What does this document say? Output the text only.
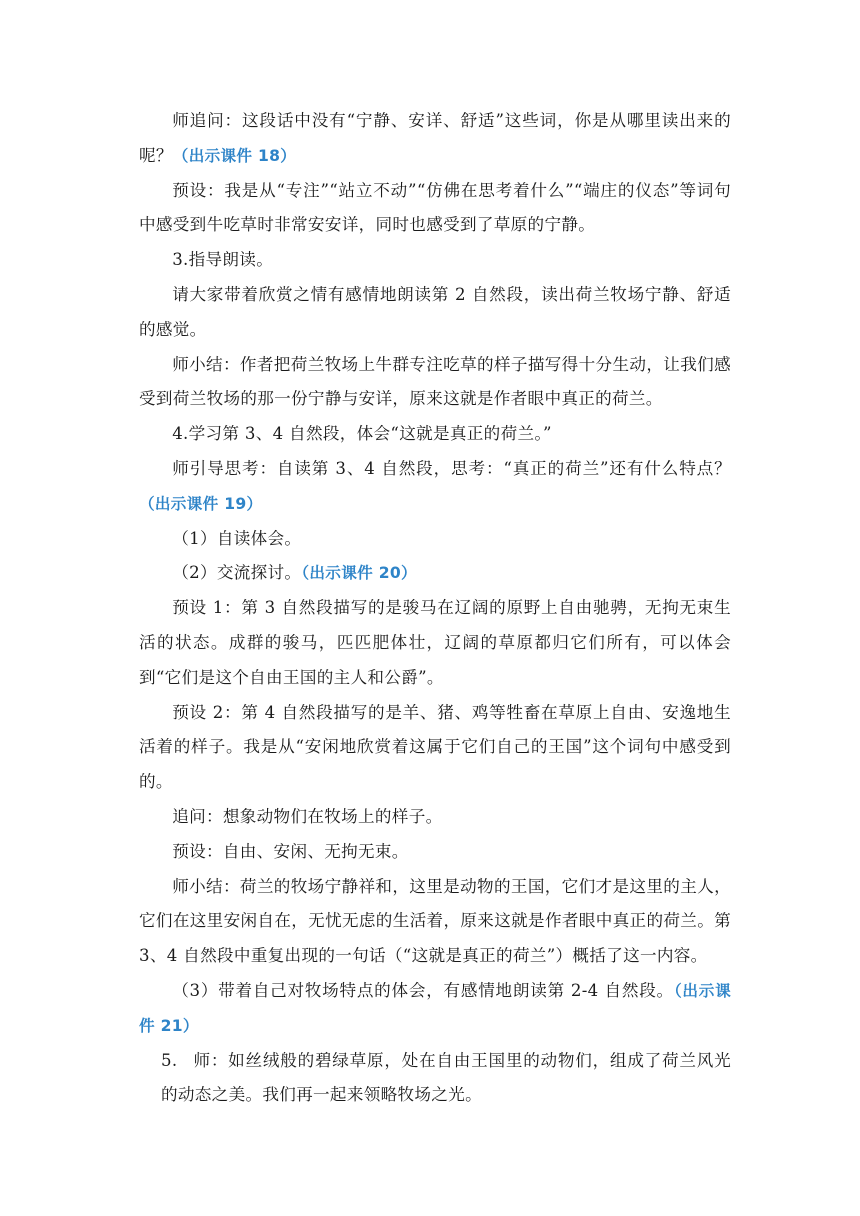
师追问：这段话中没有“宁静、安详、舒适”这些词，你是从哪里读出来的呢？（出示课件 18）

预设：我是从“专注”“站立不动”“仿佛在思考着什么”“端庄的仪态”等词句中感受到牛吃草时非常安安详，同时也感受到了草原的宁静。

3.指导朗读。

请大家带着欣赏之情有感情地朗读第 2 自然段，读出荷兰牧场宁静、舒适的感觉。

师小结：作者把荷兰牧场上牛群专注吃草的样子描写得十分生动，让我们感受到荷兰牧场的那一份宁静与安详，原来这就是作者眼中真正的荷兰。

4.学习第 3、4 自然段，体会“这就是真正的荷兰。”

师引导思考：自读第 3、4 自然段，思考：“真正的荷兰”还有什么特点？（出示课件 19）

（1）自读体会。

（2）交流探讨。（出示课件 20）

预设 1：第 3 自然段描写的是骏马在辽阔的原野上自由驰骋，无拘无束生活的状态。成群的骏马，匹匹肥体壮，辽阔的草原都归它们所有，可以体会到“它们是这个自由王国的主人和公爵”。

预设 2：第 4 自然段描写的是羊、猪、鸡等牲畜在草原上自由、安逸地生活着的样子。我是从“安闲地欣赏着这属于它们自己的王国”这个词句中感受到的。

追问：想象动物们在牧场上的样子。

预设：自由、安闲、无拘无束。

师小结：荷兰的牧场宁静祥和，这里是动物的王国，它们才是这里的主人，它们在这里安闲自在，无忧无虑的生活着，原来这就是作者眼中真正的荷兰。第 3、4 自然段中重复出现的一句话（“这就是真正的荷兰”）概括了这一内容。

（3）带着自己对牧场特点的体会，有感情地朗读第 2-4 自然段。（出示课件 21）

5. 师：如丝绒般的碧绿草原，处在自由王国里的动物们，组成了荷兰风光的动态之美。我们再一起来领略牧场之光。
